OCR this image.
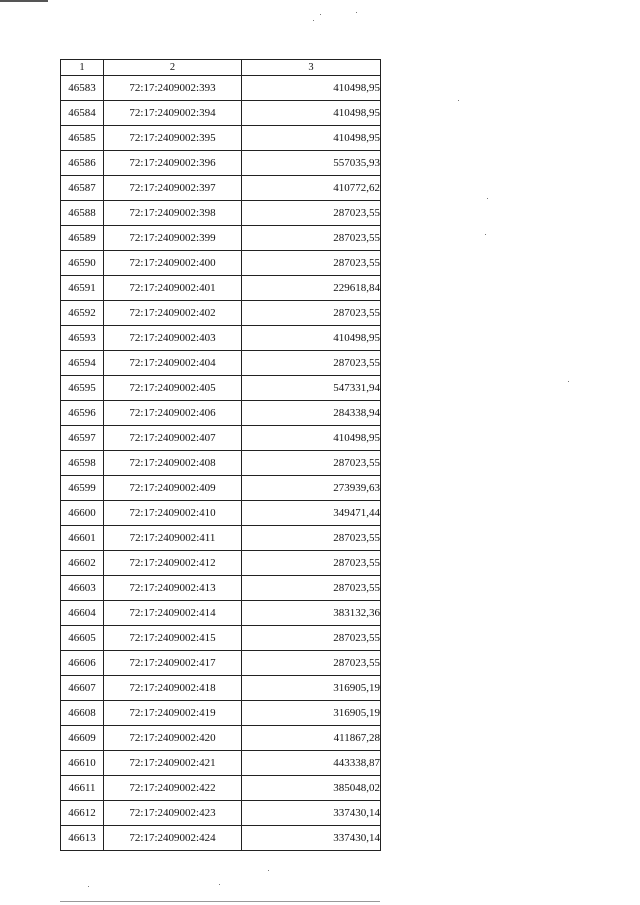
1	2	3
46583	72:17:2409002:393	410498,95
46584	72:17:2409002:394	410498,95
46585	72:17:2409002:395	410498,95
46586	72:17:2409002:396	557035,93
46587	72:17:2409002:397	410772,62
46588	72:17:2409002:398	287023,55
46589	72:17:2409002:399	287023,55
46590	72:17:2409002:400	287023,55
46591	72:17:2409002:401	229618,84
46592	72:17:2409002:402	287023,55
46593	72:17:2409002:403	410498,95
46594	72:17:2409002:404	287023,55
46595	72:17:2409002:405	547331,94
46596	72:17:2409002:406	284338,94
46597	72:17:2409002:407	410498,95
46598	72:17:2409002:408	287023,55
46599	72:17:2409002:409	273939,63
46600	72:17:2409002:410	349471,44
46601	72:17:2409002:411	287023,55
46602	72:17:2409002:412	287023,55
46603	72:17:2409002:413	287023,55
46604	72:17:2409002:414	383132,36
46605	72:17:2409002:415	287023,55
46606	72:17:2409002:417	287023,55
46607	72:17:2409002:418	316905,19
46608	72:17:2409002:419	316905,19
46609	72:17:2409002:420	411867,28
46610	72:17:2409002:421	443338,87
46611	72:17:2409002:422	385048,02
46612	72:17:2409002:423	337430,14
46613	72:17:2409002:424	337430,14
